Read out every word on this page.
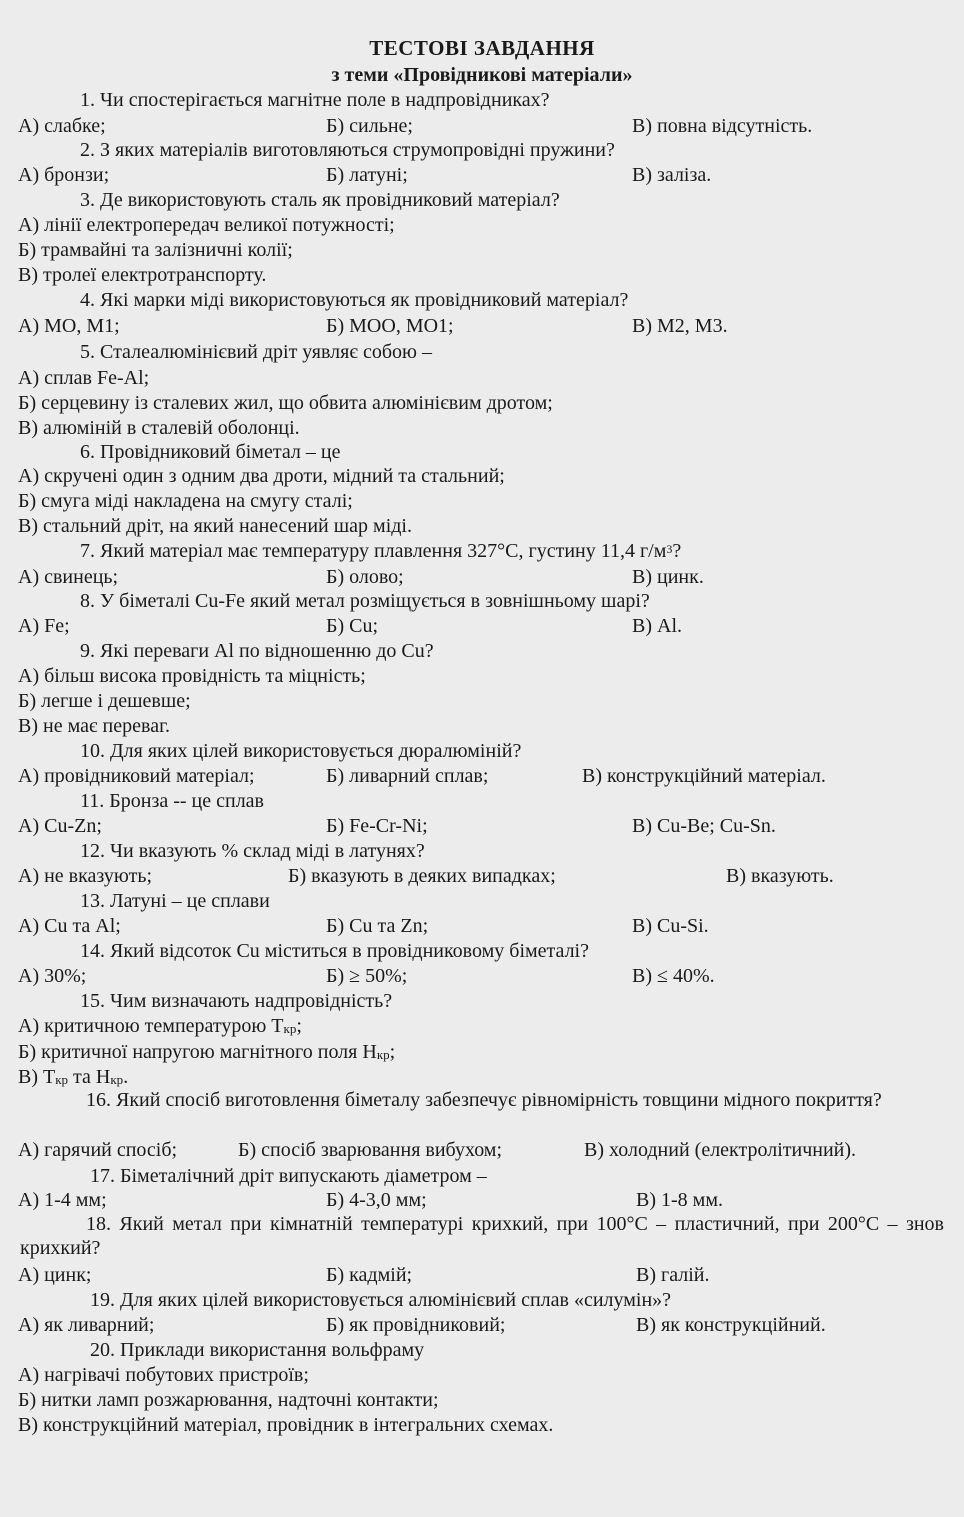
ТЕСТОВІ ЗАВДАННЯ
з теми «Провідникові матеріали»
1. Чи спостерігається магнітне поле в надпровідниках?
А) слабке;	Б) сильне;	В) повна відсутність.
2. З яких матеріалів виготовляються струмопровідні пружини?
А) бронзи;	Б) латуні;	В) заліза.
3. Де використовують сталь як провідниковий матеріал?
А) лінії електропередач великої потужності;
Б) трамвайні та залізничні колії;
В) тролеї електротранспорту.
4. Які марки міді використовуються як провідниковий матеріал?
А) МО, М1;	Б) МОО, МО1;	В) М2, М3.
5. Сталеалюмінієвий дріт уявляє собою –
А) сплав Fe-Al;
Б) серцевину із сталевих жил, що обвита алюмінієвим дротом;
В) алюміній в сталевій оболонці.
6. Провідниковий біметал – це
А) скручені один з одним два дроти, мідний та стальний;
Б) смуга міді накладена на смугу сталі;
В) стальний дріт, на який нанесений шар міді.
7. Який матеріал має температуру плавлення 327°С, густину 11,4 $г/м^3$?
А) свинець;	Б) олово;	В) цинк.
8. У біметалі Cu-Fe який метал розміщується в зовнішньому шарі?
А) Fe;	Б) Cu;	В) Al.
9. Які переваги Al по відношенню до Cu?
А) більш висока провідність та міцність;
Б) легше і дешевше;
В) не має переваг.
10. Для яких цілей використовується дюралюміній?
А) провідниковий матеріал;	Б) ливарний сплав;	В) конструкційний матеріал.
11. Бронза -- це сплав
А) Cu-Zn;	Б) Fe-Cr-Ni;	В) Cu-Be; Cu-Sn.
12. Чи вказують % склад міді в латунях?
А) не вказують;	Б) вказують в деяких випадках;	В) вказують.
13. Латуні – це сплави
А) Cu та Al;	Б) Cu та Zn;	В) Cu-Si.
14. Який відсоток Cu міститься в провідниковому біметалі?
А) 30%;	Б) ≥ 50%;	В) ≤ 40%.
15. Чим визначають надпровідність?
А) критичною температурою Ткр;
Б) критичної напругою магнітного поля Нкр;
В) Ткр та Нкр.
16. Який спосіб виготовлення біметалу забезпечує рівномірність товщини мідного покриття?
А) гарячий спосіб;	Б) спосіб зварювання вибухом;	В) холодний (електролітичний).
17. Біметалічний дріт випускають діаметром –
А) 1-4 мм;	Б) 4-3,0 мм;	В) 1-8 мм.
18. Який метал при кімнатній температурі крихкий, при 100°С – пластичний, при 200°С – знов крихкий?
А) цинк;	Б) кадмій;	В) галій.
19. Для яких цілей використовується алюмінієвий сплав «силумін»?
А) як ливарний;	Б) як провідниковий;	В) як конструкційний.
20. Приклади використання вольфраму
А) нагрівачі побутових пристроїв;
Б) нитки ламп розжарювання, надточні контакти;
В) конструкційний матеріал, провідник в інтегральних схемах.
